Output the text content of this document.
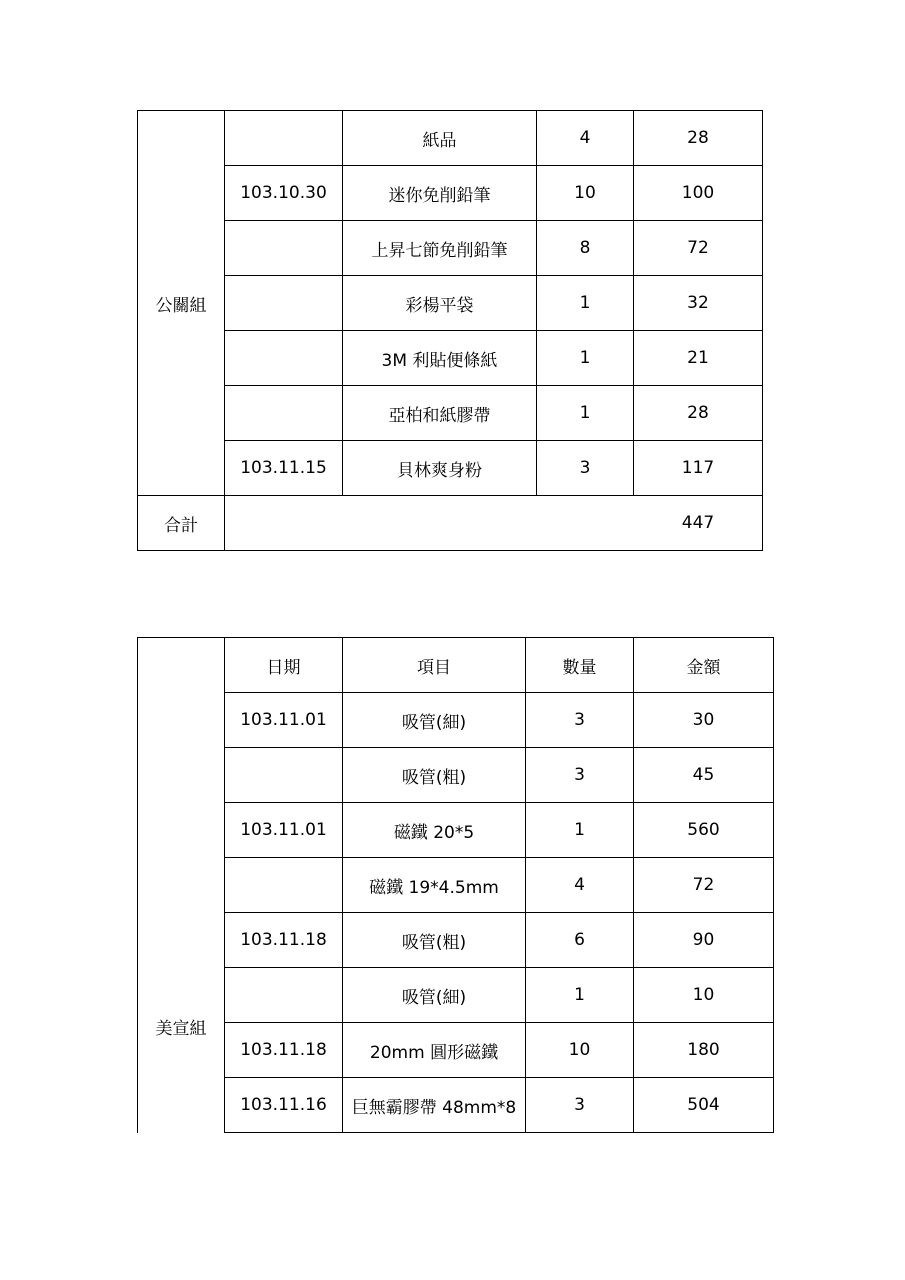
公關組		紙品	4	28
	103.10.30	迷你免削鉛筆	10	100
		上昇七節免削鉛筆	8	72
		彩楊平袋	1	32
		3M 利貼便條紙	1	21
		亞柏和紙膠帶	1	28
	103.11.15	貝林爽身粉	3	117
合計	447			
美宣組	日期	項目	數量	金額
	103.11.01	吸管(細)	3	30
		吸管(粗)	3	45
	103.11.01	磁鐵 20*5	1	560
		磁鐵 19*4.5mm	4	72
	103.11.18	吸管(粗)	6	90
		吸管(細)	1	10
	103.11.18	20mm 圓形磁鐵	10	180
	103.11.16	巨無霸膠帶 48mm*8	3	504
